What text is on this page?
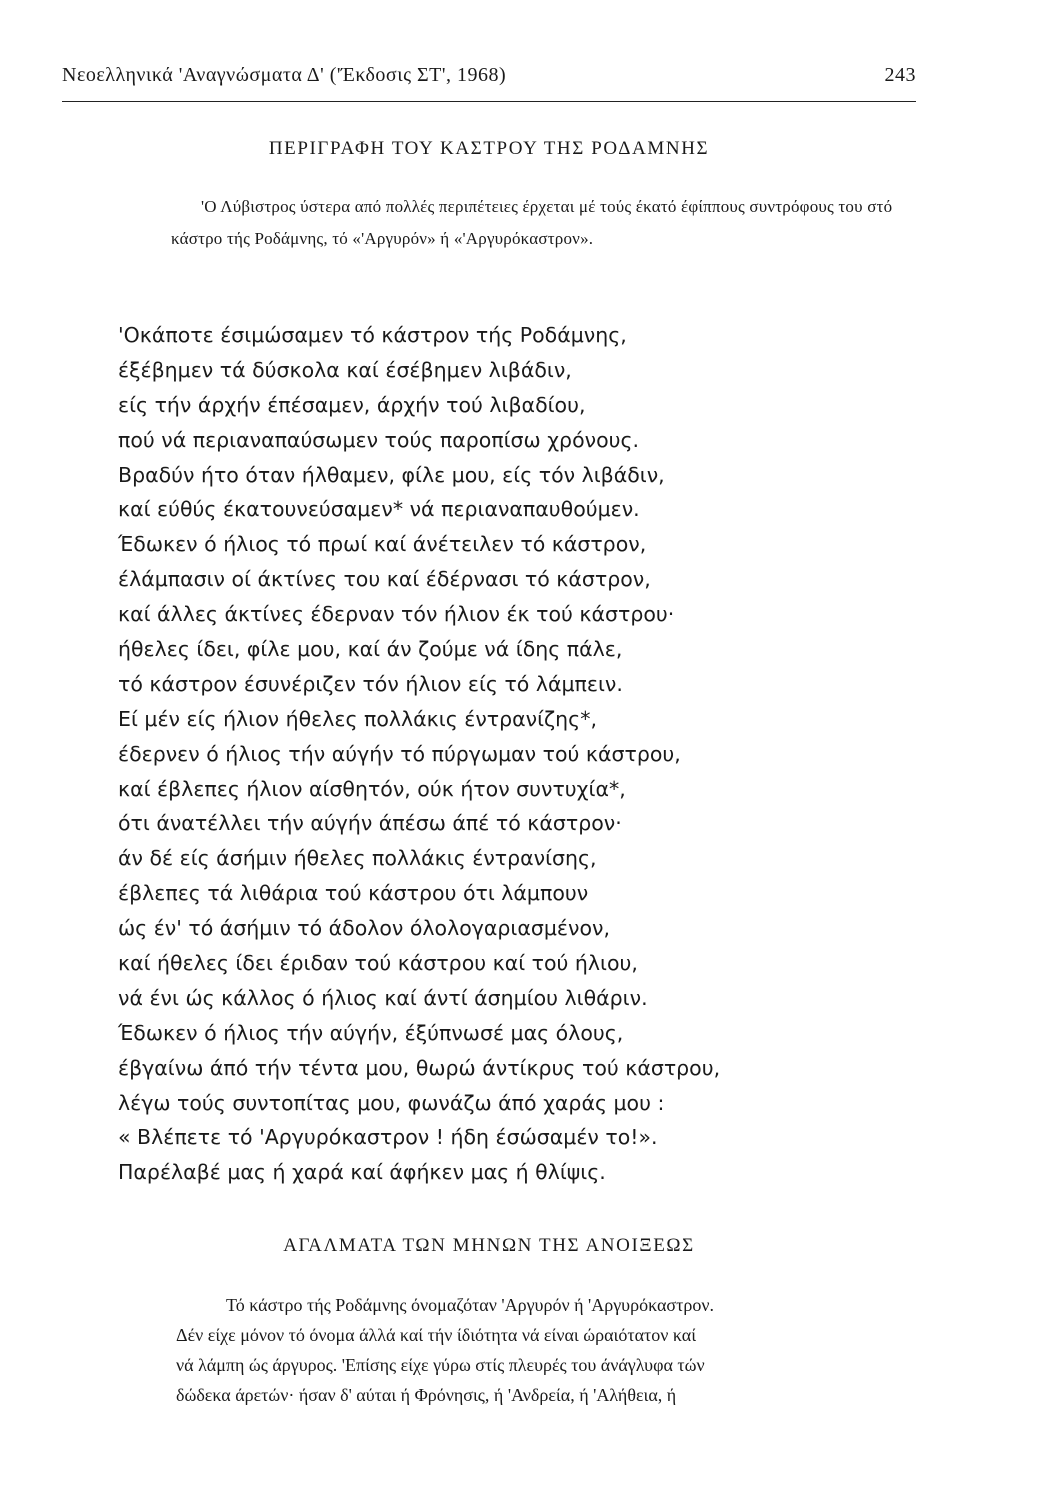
Νεοελληνικά 'Αναγνώσματα Δ' ('Έκδοσις ΣΤ', 1968)	243
ΠΕΡΙΓΡΑΦΗ ΤΟΥ ΚΑΣΤΡΟΥ ΤΗΣ ΡΟΔΑΜΝΗΣ

'Ο Λύβιστρος ύστερα από πολλές περιπέτειες έρχεται μέ τούς έκατό έφίππους συντρόφους του στό κάστρο τής Ροδάμνης, τό «'Αργυρόν» ή «'Αργυρόκαστρον».

'Οκάποτε έσιμώσαμεν τό κάστρον τής Ροδάμνης,
έξέβημεν τά δύσκολα καί έσέβημεν λιβάδιν,
είς τήν άρχήν έπέσαμεν, άρχήν τού λιβαδίου,
πού νά περιαναπαύσωμεν τούς παροπίσω χρόνους.
Βραδύν ήτο όταν ήλθαμεν, φίλε μου, είς τόν λιβάδιν,
καί εύθύς έκατουνεύσαμεν* νά περιαναπαυθούμεν.
Έδωκεν ό ήλιος τό πρωί καί άνέτειλεν τό κάστρον,
έλάμπασιν οί άκτίνες του καί έδέρνασι τό κάστρον,
καί άλλες άκτίνες έδερναν τόν ήλιον έκ τού κάστρου·
ήθελες ίδει, φίλε μου, καί άν ζούμε νά ίδης πάλε,
τό κάστρον έσυνέριζεν τόν ήλιον είς τό λάμπειν.
Εί μέν είς ήλιον ήθελες πολλάκις έντρανίζης*,
έδερνεν ό ήλιος τήν αύγήν τό πύργωμαν τού κάστρου,
καί έβλεπες ήλιον αίσθητόν, ούκ ήτον συντυχία*,
ότι άνατέλλει τήν αύγήν άπέσω άπέ τό κάστρον·
άν δέ είς άσήμιν ήθελες πολλάκις έντρανίσης,
έβλεπες τά λιθάρια τού κάστρου ότι λάμπουν
ώς έν' τό άσήμιν τό άδολον όλολογαριασμένον,
καί ήθελες ίδει έριδαν τού κάστρου καί τού ήλιου,
νά ένι ώς κάλλος ό ήλιος καί άντί άσημίου λιθάριν.
Έδωκεν ό ήλιος τήν αύγήν, έξύπνωσέ μας όλους,
έβγαίνω άπό τήν τέντα μου, θωρώ άντίκρυς τού κάστρου,
λέγω τούς συντοπίτας μου, φωνάζω άπό χαράς μου :
« Βλέπετε τό 'Αργυρόκαστρον ! ήδη έσώσαμέν το!».
Παρέλαβέ μας ή χαρά καί άφήκεν μας ή θλίψις.
ΑΓΑΛΜΑΤΑ ΤΩΝ ΜΗΝΩΝ ΤΗΣ ΑΝΟΙΞΕΩΣ
Τό κάστρο τής Ροδάμνης όνομαζόταν 'Αργυρόν ή 'Αργυρόκαστρον.
Δέν είχε μόνον τό όνομα άλλά καί τήν ίδιότητα νά είναι ώραιότατον καί
νά λάμπη ώς άργυρος. 'Επίσης είχε γύρω στίς πλευρές του άνάγλυφα τών
δώδεκα άρετών· ήσαν δ' αύται ή Φρόνησις, ή 'Ανδρεία, ή 'Αλήθεια, ή
